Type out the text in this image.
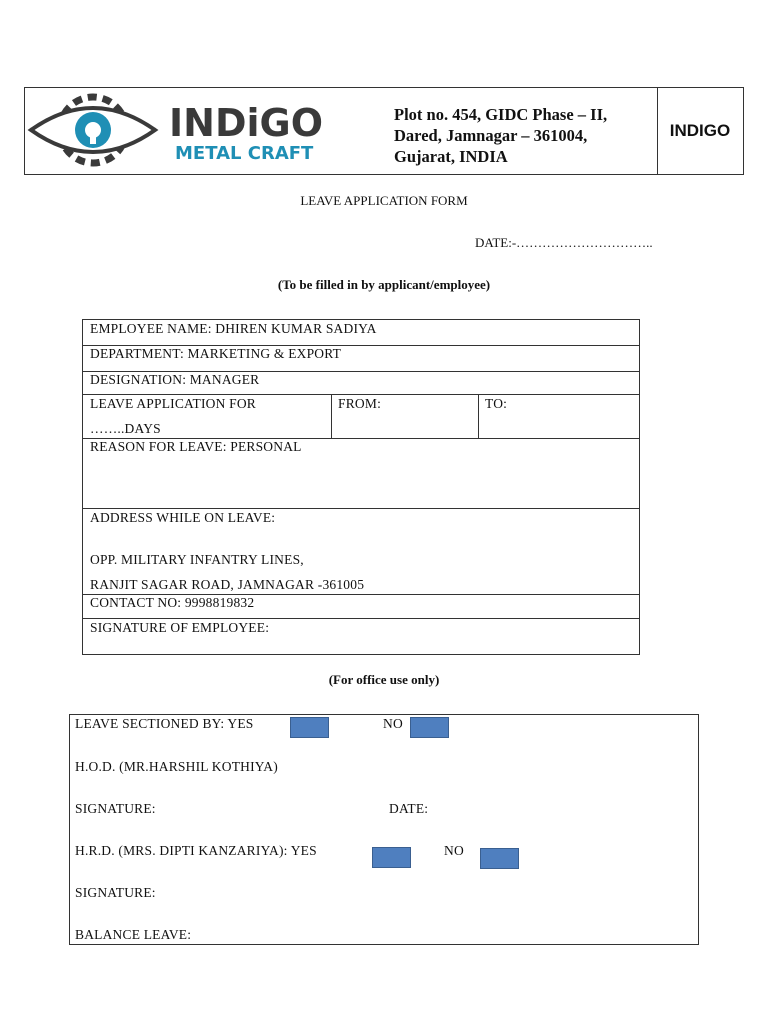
INDiGO
METAL CRAFT
Plot no. 454, GIDC Phase – II,
Dared, Jamnagar – 361004,
Gujarat, INDIA
INDIGO
LEAVE APPLICATION FORM
DATE:-…………………………..
(To be filled in by applicant/employee)
EMPLOYEE NAME: DHIREN KUMAR SADIYA
DEPARTMENT: MARKETING & EXPORT
DESIGNATION: MANAGER
LEAVE APPLICATION FOR
……..DAYS
FROM:	TO:
REASON FOR LEAVE: PERSONAL
ADDRESS WHILE ON LEAVE:
OPP. MILITARY INFANTRY LINES,
RANJIT SAGAR ROAD, JAMNAGAR -361005
CONTACT NO: 9998819832
SIGNATURE OF EMPLOYEE:
(For office use only)
LEAVE SECTIONED BY: YES	NO
H.O.D. (MR.HARSHIL KOTHIYA)
SIGNATURE:	DATE:
H.R.D. (MRS. DIPTI KANZARIYA): YES	NO
SIGNATURE:
BALANCE LEAVE:
